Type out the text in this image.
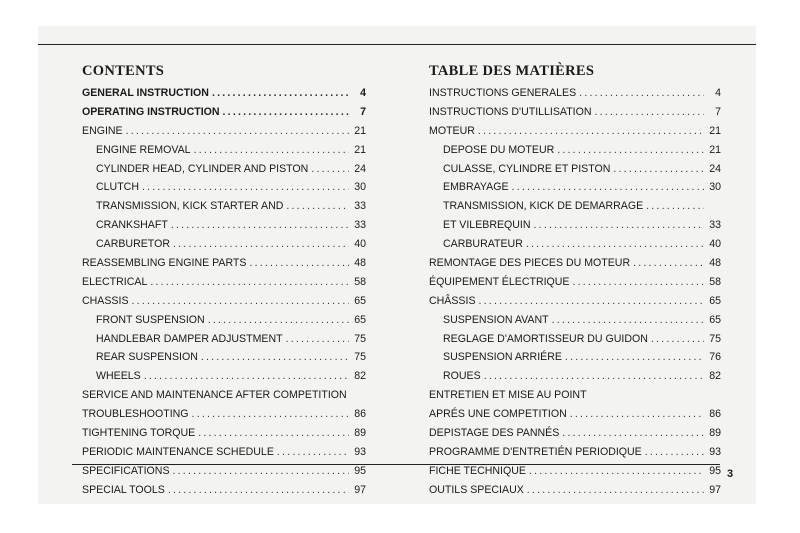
CONTENTS
GENERAL INSTRUCTION .....	4
OPERATING INSTRUCTION .....	7
ENGINE .....	21
ENGINE REMOVAL .....	21
CYLINDER HEAD, CYLINDER AND PISTON .....	24
CLUTCH .....	30
TRANSMISSION, KICK STARTER AND .....	33
CRANKSHAFT .....	33
CARBURETOR .....	40
REASSEMBLING ENGINE PARTS .....	48
ELECTRICAL .....	58
CHASSIS .....	65
FRONT SUSPENSION .....	65
HANDLEBAR DAMPER ADJUSTMENT .....	75
REAR SUSPENSION .....	75
WHEELS .....	82
SERVICE AND MAINTENANCE AFTER COMPETITION
TROUBLESHOOTING .....	86
TIGHTENING TORQUE .....	89
PERIODIC MAINTENANCE SCHEDULE .....	93
SPECIFICATIONS .....	95
SPECIAL TOOLS .....	97
TABLE DES MATIÈRES
INSTRUCTIONS GENERALES .....	4
INSTRUCTIONS D'UTILLISATION .....	7
MOTEUR .....	21
DEPOSE DU MOTEUR .....	21
CULASSE, CYLINDRE ET PISTON .....	24
EMBRAYAGE .....	30
TRANSMISSION, KICK DE DEMARRAGE
.....
ET VILEBREQUIN .....	33
CARBURATEUR .....	40
REMONTAGE DES PIECES DU MOTEUR .....	48
ÉQUIPEMENT ÉLECTRIQUE .....	58
CHÂSSIS .....	65
SUSPENSION AVANT .....	65
REGLAGE D'AMORTISSEUR DU GUIDON .....	75
SUSPENSION ARRIÉRE .....	76
ROUES .....	82
ENTRETIEN ET MISE AU POINT
APRÉS UNE COMPETITION .....	86
DEPISTAGE DES PANNÉS .....	89
PROGRAMME D'ENTRETIÉN PERIODIQUE .....	93
FICHE TECHNIQUE .....	95
OUTILS SPECIAUX .....	97
3
